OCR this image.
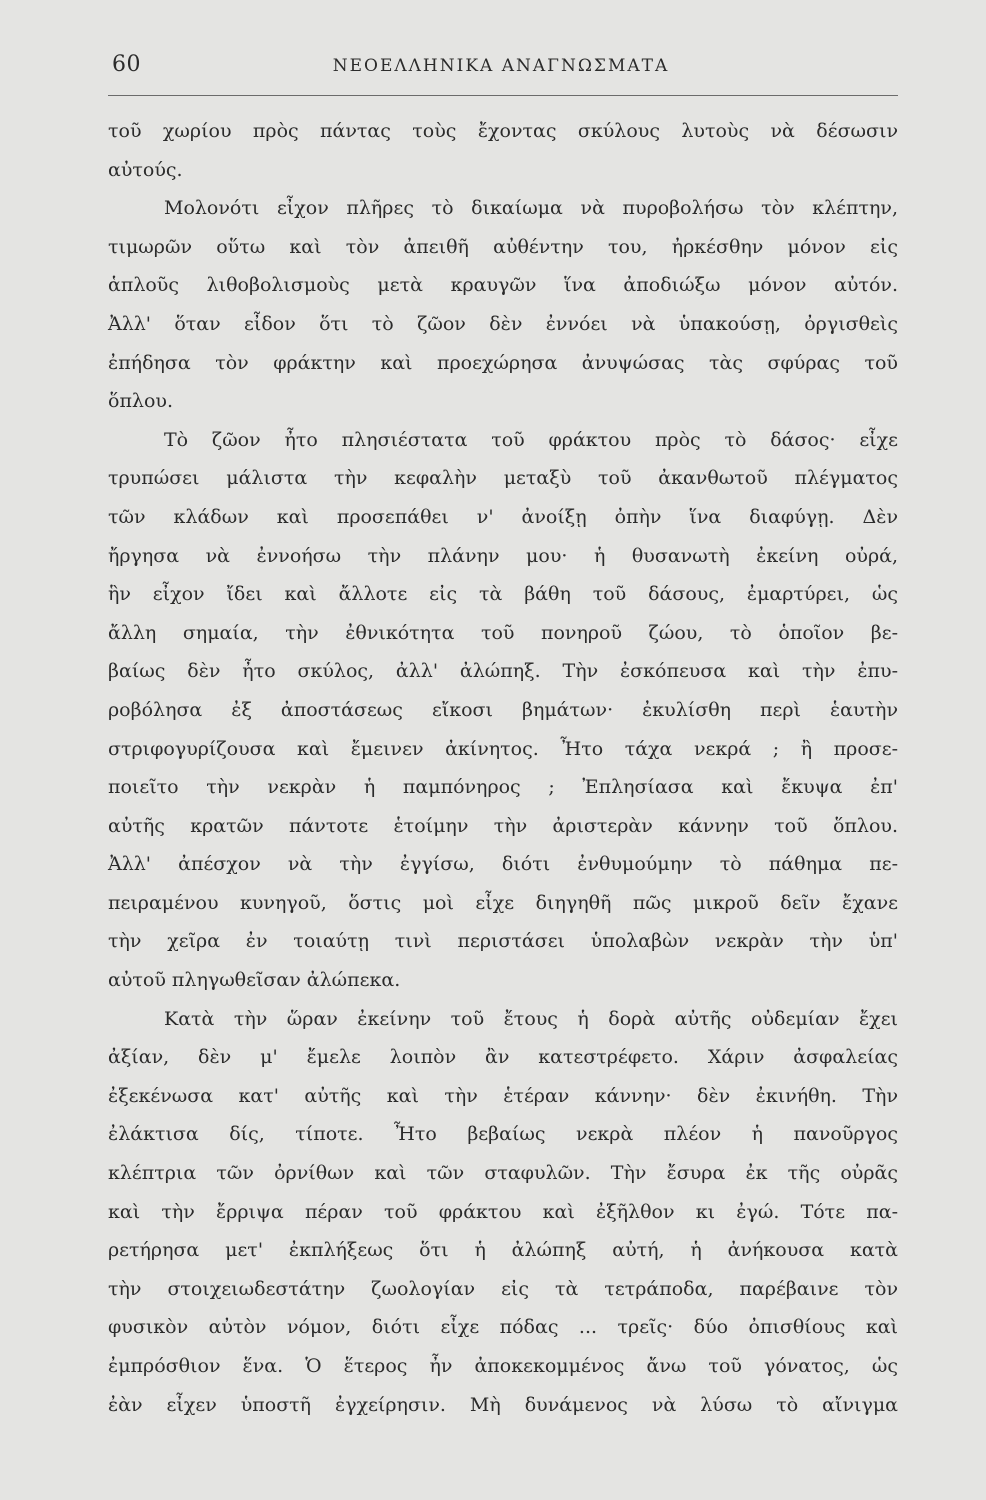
60	ΝΕΟΕΛΛΗΝΙΚΑ ΑΝΑΓΝΩΣΜΑΤΑ
τοῦ χωρίου πρὸς πάντας τοὺς ἔχοντας σκύλους λυτοὺς νὰ δέσωσιν
αὐτούς.
Μολονότι εἶχον πλῆρες τὸ δικαίωμα νὰ πυροβολήσω τὸν κλέπτην,
τιμωρῶν οὕτω καὶ τὸν ἀπειθῆ αὐθέντην του, ἠρκέσθην μόνον εἰς
ἁπλοῦς λιθοβολισμοὺς μετὰ κραυγῶν ἵνα ἀποδιώξω μόνον αὐτόν.
Ἀλλ' ὅταν εἶδον ὅτι τὸ ζῶον δὲν ἐννόει νὰ ὑπακούσῃ, ὀργισθεὶς
ἐπήδησα τὸν φράκτην καὶ προεχώρησα ἀνυψώσας τὰς σφύρας τοῦ
ὅπλου.
Τὸ ζῶον ἦτο πλησιέστατα τοῦ φράκτου πρὸς τὸ δάσος· εἶχε
τρυπώσει μάλιστα τὴν κεφαλὴν μεταξὺ τοῦ ἀκανθωτοῦ πλέγματος
τῶν κλάδων καὶ προσεπάθει ν' ἀνοίξῃ ὀπὴν ἵνα διαφύγῃ. Δὲν
ἤργησα νὰ ἐννοήσω τὴν πλάνην μου· ἡ θυσανωτὴ ἐκείνη οὐρά,
ἣν εἶχον ἴδει καὶ ἄλλοτε εἰς τὰ βάθη τοῦ δάσους, ἐμαρτύρει, ὡς
ἄλλη σημαία, τὴν ἐθνικότητα τοῦ πονηροῦ ζώου, τὸ ὁποῖον βε-
βαίως δὲν ἦτο σκύλος, ἀλλ' ἀλώπηξ. Τὴν ἐσκόπευσα καὶ τὴν ἐπυ-
ροβόλησα ἐξ ἀποστάσεως εἴκοσι βημάτων· ἐκυλίσθη περὶ ἑαυτὴν
στριφογυρίζουσα καὶ ἔμεινεν ἀκίνητος. Ἦτο τάχα νεκρά ; ἢ προσε-
ποιεῖτο τὴν νεκρὰν ἡ παμπόνηρος ; Ἐπλησίασα καὶ ἔκυψα ἐπ'
αὐτῆς κρατῶν πάντοτε ἑτοίμην τὴν ἀριστερὰν κάννην τοῦ ὅπλου.
Ἀλλ' ἀπέσχον νὰ τὴν ἐγγίσω, διότι ἐνθυμούμην τὸ πάθημα πε-
πειραμένου κυνηγοῦ, ὅστις μοὶ εἶχε διηγηθῆ πῶς μικροῦ δεῖν ἔχανε
τὴν χεῖρα ἐν τοιαύτῃ τινὶ περιστάσει ὑπολαβὼν νεκρὰν τὴν ὑπ'
αὐτοῦ πληγωθεῖσαν ἀλώπεκα.
Κατὰ τὴν ὥραν ἐκείνην τοῦ ἔτους ἡ δορὰ αὐτῆς οὐδεμίαν ἔχει
ἀξίαν, δὲν μ' ἔμελε λοιπὸν ἂν κατεστρέφετο. Χάριν ἀσφαλείας
ἐξεκένωσα κατ' αὐτῆς καὶ τὴν ἑτέραν κάννην· δὲν ἐκινήθη. Τὴν
ἐλάκτισα δίς, τίποτε. Ἦτο βεβαίως νεκρὰ πλέον ἡ πανοῦργος
κλέπτρια τῶν ὀρνίθων καὶ τῶν σταφυλῶν. Τὴν ἔσυρα ἐκ τῆς οὐρᾶς
καὶ τὴν ἔρριψα πέραν τοῦ φράκτου καὶ ἐξῆλθον κι ἐγώ. Τότε πα-
ρετήρησα μετ' ἐκπλήξεως ὅτι ἡ ἀλώπηξ αὐτή, ἡ ἀνήκουσα κατὰ
τὴν στοιχειωδεστάτην ζωολογίαν εἰς τὰ τετράποδα, παρέβαινε τὸν
φυσικὸν αὐτὸν νόμον, διότι εἶχε πόδας ... τρεῖς· δύο ὀπισθίους καὶ
ἐμπρόσθιον ἕνα. Ὁ ἕτερος ἦν ἀποκεκομμένος ἄνω τοῦ γόνατος, ὡς
ἐὰν εἶχεν ὑποστῆ ἐγχείρησιν. Μὴ δυνάμενος νὰ λύσω τὸ αἴνιγμα
